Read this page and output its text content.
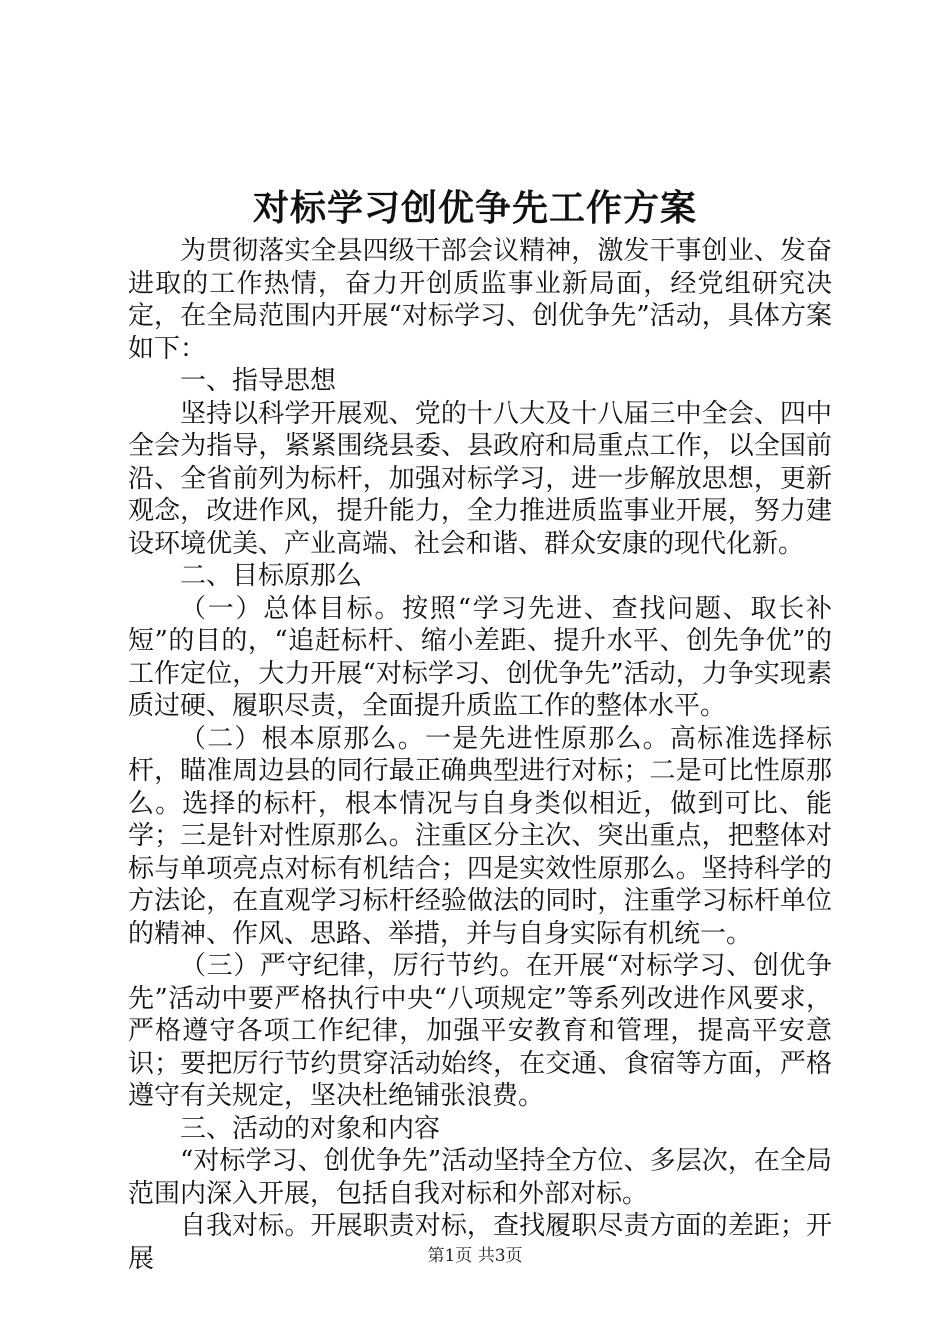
对标学习创优争先工作方案

为贯彻落实全县四级干部会议精神，激发干事创业、发奋进取的工作热情，奋力开创质监事业新局面，经党组研究决定，在全局范围内开展“对标学习、创优争先”活动，具体方案如下：

一、指导思想

坚持以科学开展观、党的十八大及十八届三中全会、四中全会为指导，紧紧围绕县委、县政府和局重点工作，以全国前沿、全省前列为标杆，加强对标学习，进一步解放思想，更新观念，改进作风，提升能力，全力推进质监事业开展，努力建设环境优美、产业高端、社会和谐、群众安康的现代化新。

二、目标原那么

（一）总体目标。按照“学习先进、查找问题、取长补短”的目的，“追赶标杆、缩小差距、提升水平、创先争优”的工作定位，大力开展“对标学习、创优争先”活动，力争实现素质过硬、履职尽责，全面提升质监工作的整体水平。

（二）根本原那么。一是先进性原那么。高标准选择标杆，瞄准周边县的同行最正确典型进行对标；二是可比性原那么。选择的标杆，根本情况与自身类似相近，做到可比、能学；三是针对性原那么。注重区分主次、突出重点，把整体对标与单项亮点对标有机结合；四是实效性原那么。坚持科学的方法论，在直观学习标杆经验做法的同时，注重学习标杆单位的精神、作风、思路、举措，并与自身实际有机统一。

（三）严守纪律，厉行节约。在开展“对标学习、创优争先”活动中要严格执行中央“八项规定”等系列改进作风要求，严格遵守各项工作纪律，加强平安教育和管理，提高平安意识；要把厉行节约贯穿活动始终，在交通、食宿等方面，严格遵守有关规定，坚决杜绝铺张浪费。

三、活动的对象和内容

“对标学习、创优争先”活动坚持全方位、多层次，在全局范围内深入开展，包括自我对标和外部对标。

自我对标。开展职责对标，查找履职尽责方面的差距；开展	第1页 共3页
